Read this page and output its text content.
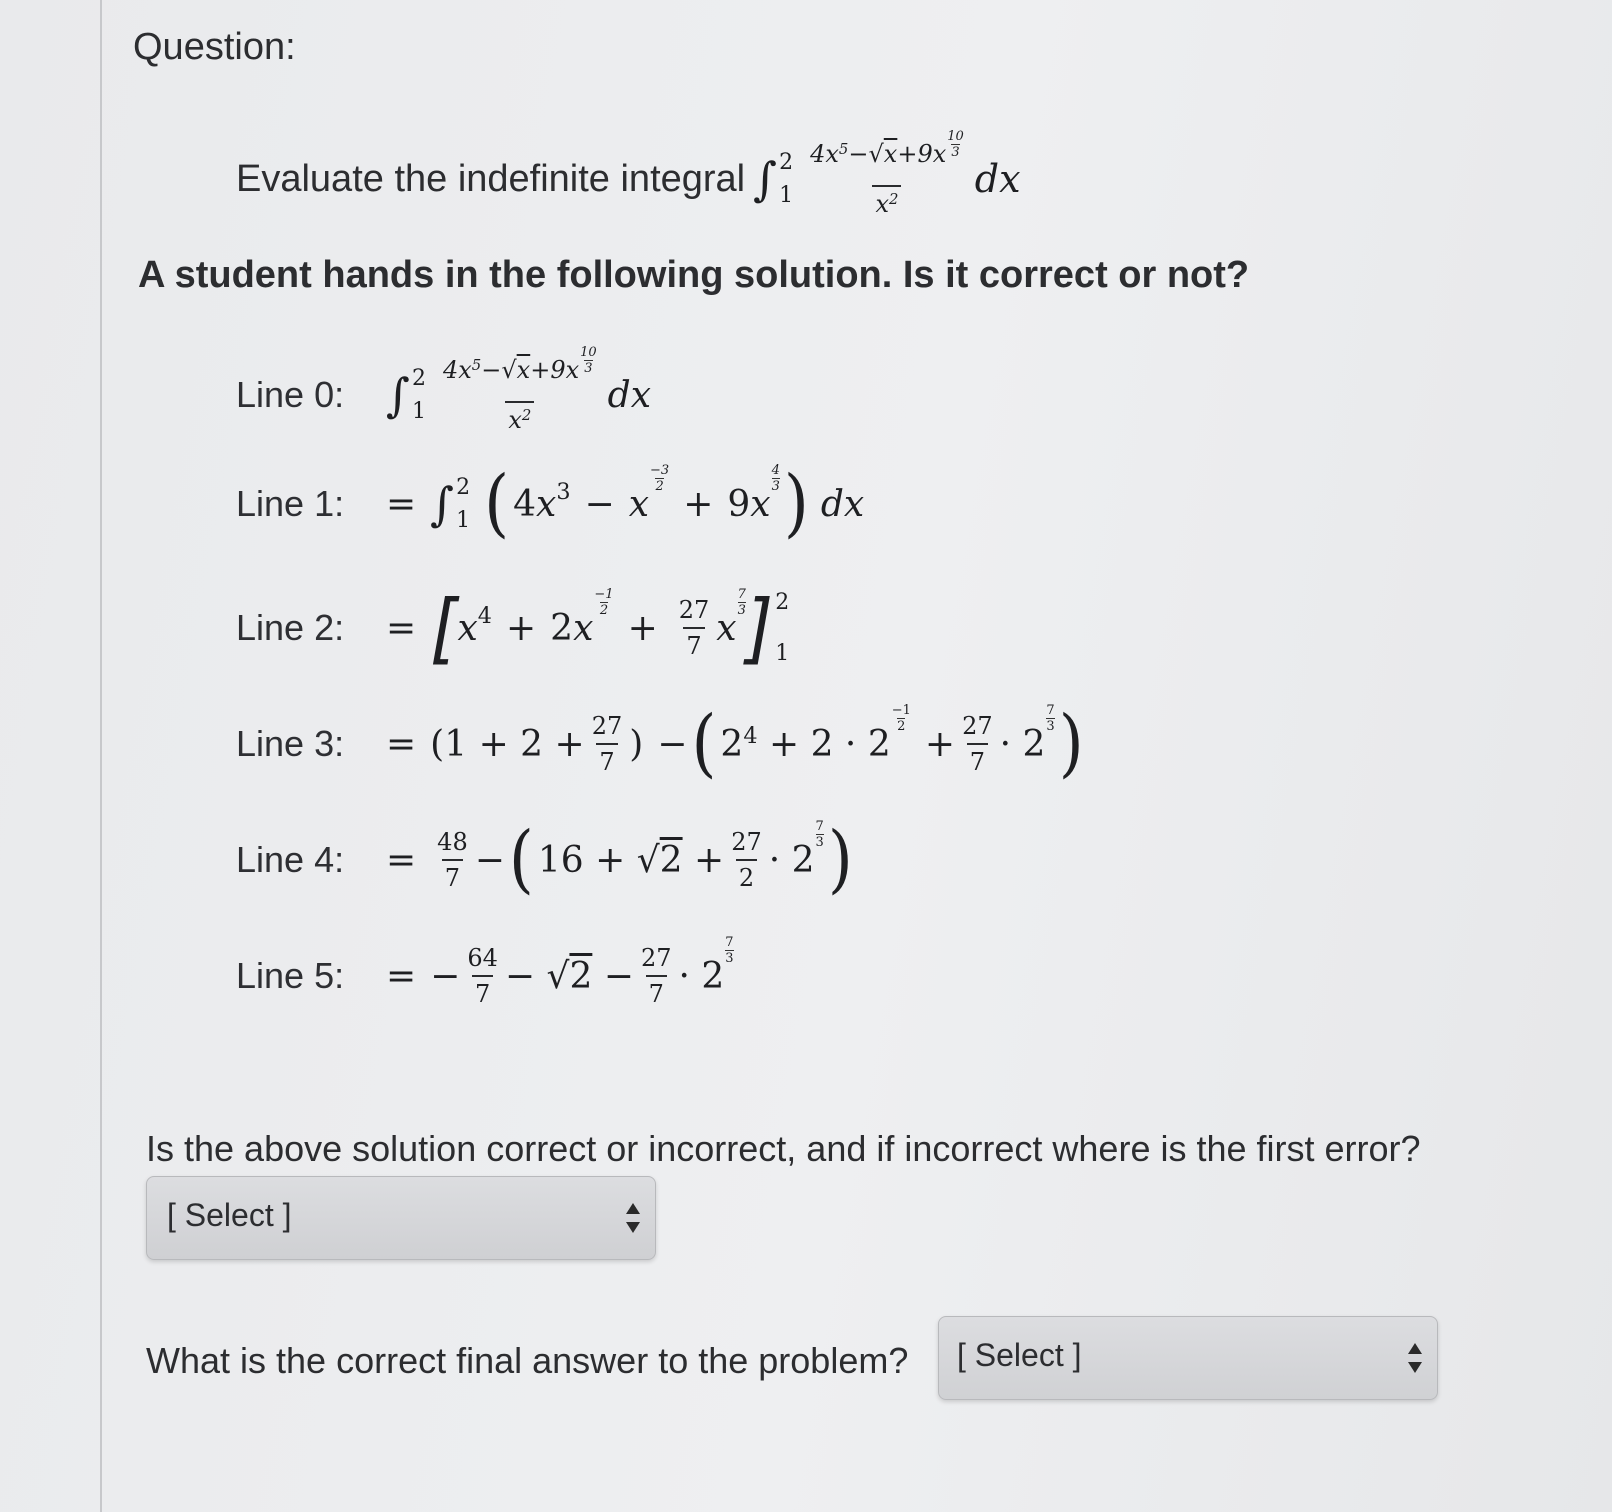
Question:
Evaluate the indefinite integral ∫ 2
$1 \frac{4x^5-√x+9x \frac{10}{3}}{x^2}$ dx
A student hands in the following solution. Is it correct or not?
Line 0: ∫ 2
$1 \frac{4x^5-√x+9x \frac{10}{3}}{x^2}$ dx
Line 1:	= ∫ 2
1 ( 4 $x^3 - x$
−3
2 + 9 x
4
3 ) dx
Line 2:	= [ $x^4 + 2$ x
−1
$2 + \frac{27}{7}$ x
7
3 ] 2
1
Line 3:	= ($1 + 2 + \frac{27}{7}$ ) − ( $2^4 + 2 \cdot 2$
−1
$2 + \frac{27}{7} \cdot 2$
7
3 )
Line 4:	= $\frac{48}{7}$ − ( $16 + √2 + \frac{27}{2} \cdot 2$
7
3 )
Line 5:	= − $\frac{64}{7} - √2 - \frac{27}{7} \cdot 2$
7
3
Is the above solution correct or incorrect, and if incorrect where is the first error?
[ Select ]
What is the correct final answer to the problem? [ Select ]
